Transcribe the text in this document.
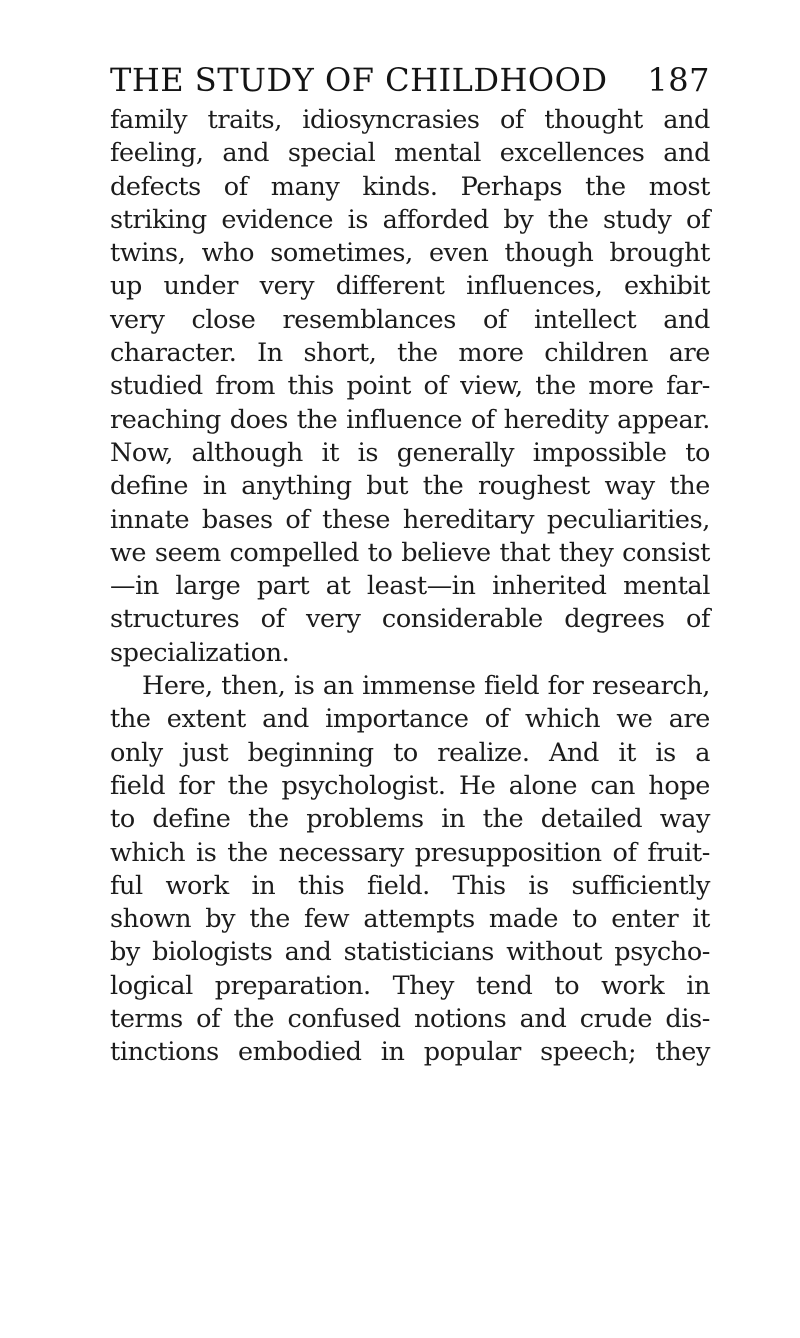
THE STUDY OF CHILDHOOD 187
family traits, idiosyncrasies of thought and
feeling, and special mental excellences and
defects of many kinds. Perhaps the most
striking evidence is afforded by the study of
twins, who sometimes, even though brought
up under very different influences, exhibit
very close resemblances of intellect and
character. In short, the more children are
studied from this point of view, the more far-
reaching does the influence of heredity appear.
Now, although it is generally impossible to
define in anything but the roughest way the
innate bases of these hereditary peculiarities,
we seem compelled to believe that they consist
—in large part at least—in inherited mental
structures of very considerable degrees of
specialization.
Here, then, is an immense field for research,
the extent and importance of which we are
only just beginning to realize. And it is a
field for the psychologist. He alone can hope
to define the problems in the detailed way
which is the necessary presupposition of fruit-
ful work in this field. This is sufficiently
shown by the few attempts made to enter it
by biologists and statisticians without psycho-
logical preparation. They tend to work in
terms of the confused notions and crude dis-
tinctions embodied in popular speech; they
